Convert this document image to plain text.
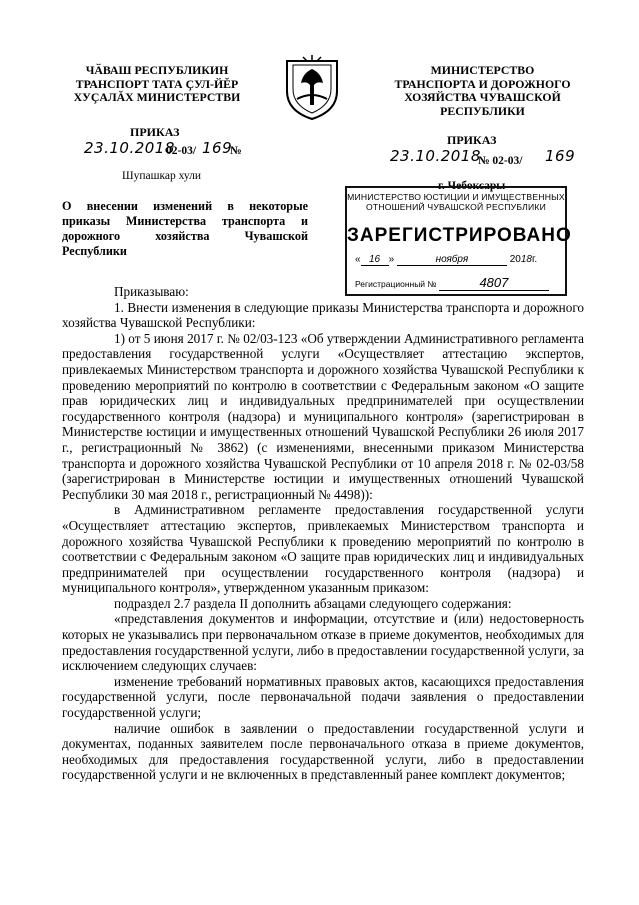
ЧӐВАШ РЕСПУБЛИКИН
ТРАНСПОРТ ТАТА ҪУЛ-ЙĔР
ХУҪАЛĂХ МИНИСТЕРСТВИ
МИНИСТЕРСТВО
ТРАНСПОРТА И ДОРОЖНОГО
ХОЗЯЙСТВА ЧУВАШСКОЙ
РЕСПУБЛИКИ
ПРИКАЗ
23.10.2018
02-03/ 169
№
Шупашкар хули
ПРИКАЗ
23.10.2018
№ 02-03/ 169
г. Чебоксары
О внесении изменений в некоторые приказы Министерства транспорта и дорожного хозяйства Чувашской Республики
МИНИСТЕРСТВО ЮСТИЦИИ И ИМУЩЕСТВЕННЫХ
ОТНОШЕНИЙ ЧУВАШСКОЙ РЕСПУБЛИКИ
ЗАРЕГИСТРИРОВАНО
« 16 »	ноября	2018г.
Регистрационный №	4807

Приказываю:

1. Внести изменения в следующие приказы Министерства транспорта и дорожного хозяйства Чувашской Республики:

1) от 5 июня 2017 г. № 02/03-123 «Об утверждении Административного регламента предоставления государственной услуги «Осуществляет аттестацию экспертов, привлекаемых Министерством транспорта и дорожного хозяйства Чувашской Республики к проведению мероприятий по контролю в соответствии с Федеральным законом «О защите прав юридических лиц и индивидуальных предпринимателей при осуществлении государственного контроля (надзора) и муниципального контроля» (зарегистрирован в Министерстве юстиции и имущественных отношений Чувашской Республики 26 июля 2017 г., регистрационный № 3862) (с изменениями, внесенными приказом Министерства транспорта и дорожного хозяйства Чувашской Республики от 10 апреля 2018 г. № 02-03/58 (зарегистрирован в Министерстве юстиции и имущественных отношений Чувашской Республики 30 мая 2018 г., регистрационный № 4498)):

в Административном регламенте предоставления государственной услуги «Осуществляет аттестацию экспертов, привлекаемых Министерством транспорта и дорожного хозяйства Чувашской Республики к проведению мероприятий по контролю в соответствии с Федеральным законом «О защите прав юридических лиц и индивидуальных предпринимателей при осуществлении государственного контроля (надзора) и муниципального контроля», утвержденном указанным приказом:

подраздел 2.7 раздела II дополнить абзацами следующего содержания:

«представления документов и информации, отсутствие и (или) недостоверность которых не указывались при первоначальном отказе в приеме документов, необходимых для предоставления государственной услуги, либо в предоставлении государственной услуги, за исключением следующих случаев:

изменение требований нормативных правовых актов, касающихся предоставления государственной услуги, после первоначальной подачи заявления о предоставлении государственной услуги;

наличие ошибок в заявлении о предоставлении государственной услуги и документах, поданных заявителем после первоначального отказа в приеме документов, необходимых для предоставления государственной услуги, либо в предоставлении государственной услуги и не включенных в представленный ранее комплект документов;
